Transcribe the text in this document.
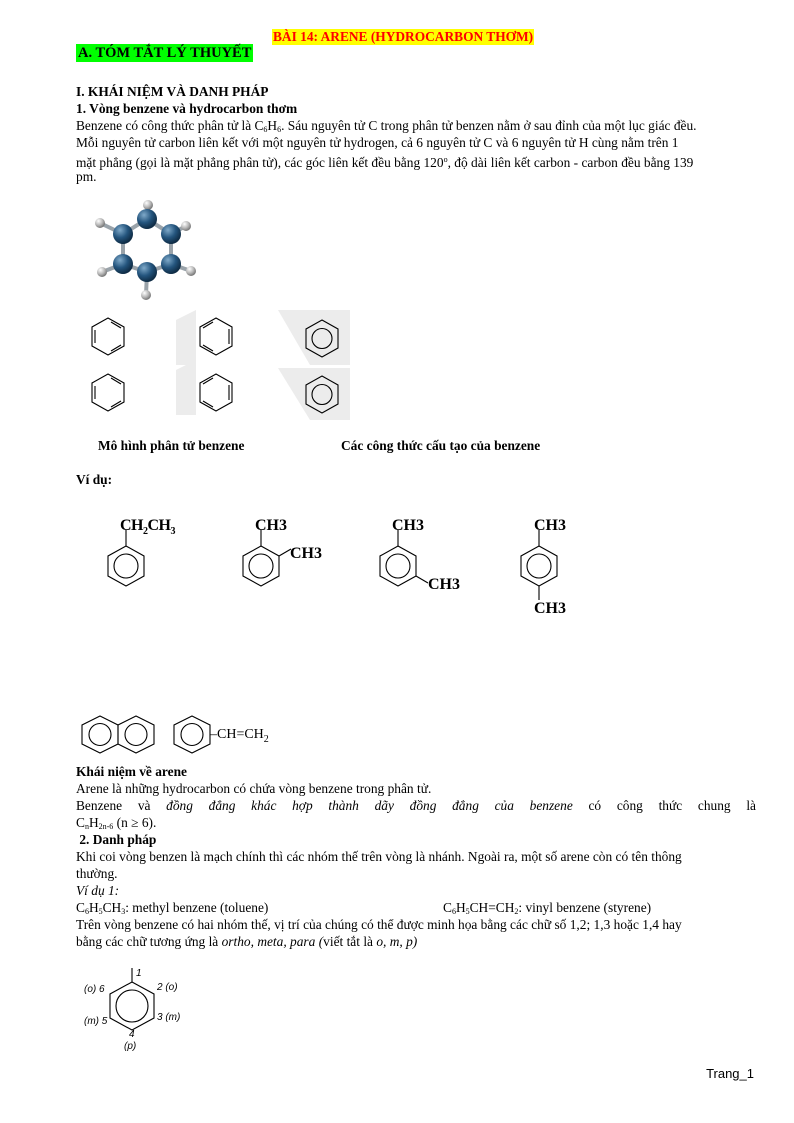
BÀI 14: ARENE (HYDROCARBON THƠM)
A. TÓM TẮT LÝ THUYẾT
I. KHÁI NIỆM VÀ DANH PHÁP
1. Vòng benzene và hydrocarbon thơm
Benzene có công thức phân tử là $C_6H_6$. Sáu nguyên tử C trong phân tử benzen nằm ở sau đỉnh của một lục giác đều.
Mỗi nguyên tử carbon liên kết với một nguyên tử hydrogen, cả 6 nguyên tử C và 6 nguyên tử H cùng nằm trên 1
mặt phẳng (gọi là mặt phẳng phân tử), các góc liên kết đều bằng 120$^o$, độ dài liên kết carbon - carbon đều bằng 139
pm.
Mô hình phân tử benzene	Các công thức cấu tạo của benzene
Ví dụ:
$CH_2CH_3$	CH3
CH3
CH3
CH3
CH3
CH3
$-CH=CH_2$
Khái niệm về arene
Arene là những hydrocarbon có chứa vòng benzene trong phân tử.
Benzene và đồng đẳng khác hợp thành dãy đồng đẳng của benzene có công thức chung là
$C_nH_{2n-6}$ (n ≥ 6).
2. Danh pháp
Khi coi vòng benzen là mạch chính thì các nhóm thế trên vòng là nhánh. Ngoài ra, một số arene còn có tên thông
thường.
Ví dụ 1:
$C_6H_5CH_3$: methyl benzene (toluene)	$C_6H_5CH=CH_2$: vinyl benzene (styrene)
Trên vòng benzene có hai nhóm thế, vị trí của chúng có thể được minh họa bằng các chữ số 1,2; 1,3 hoặc 1,4 hay
bằng các chữ tương ứng là ortho, meta, para (viết tắt là o, m, p)
1
2 (o)
3 (m)
4
(p)
(m) 5
(o) 6
Trang_1
